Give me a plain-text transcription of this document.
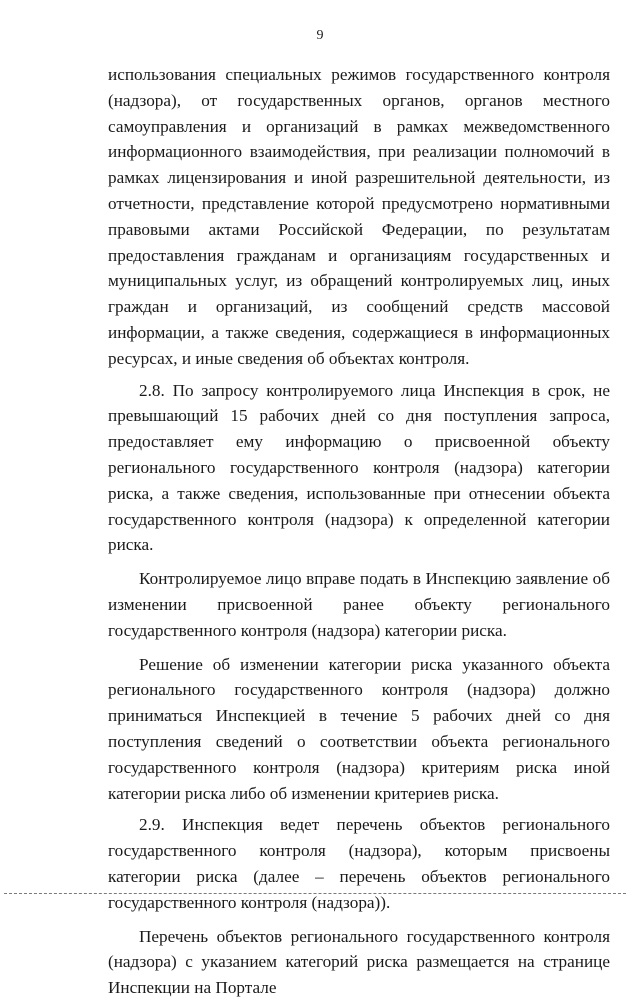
9

использования специальных режимов государственного контроля (надзора), от государственных органов, органов местного самоуправления и организаций в рамках межведомственного информационного взаимодействия, при реализации полномочий в рамках лицензирования и иной разрешительной деятельности, из отчетности, представление которой предусмотрено нормативными правовыми актами Российской Федерации, по результатам предоставления гражданам и организациям государственных и муниципальных услуг, из обращений контролируемых лиц, иных граждан и организаций, из сообщений средств массовой информации, а также сведения, содержащиеся в информационных ресурсах, и иные сведения об объектах контроля.

2.8. По запросу контролируемого лица Инспекция в срок, не превышающий 15 рабочих дней со дня поступления запроса, предоставляет ему информацию о присвоенной объекту регионального государственного контроля (надзора) категории риска, а также сведения, использованные при отнесении объекта государственного контроля (надзора) к определенной категории риска.

Контролируемое лицо вправе подать в Инспекцию заявление об изменении присвоенной ранее объекту регионального государственного контроля (надзора) категории риска.

Решение об изменении категории риска указанного объекта регионального государственного контроля (надзора) должно приниматься Инспекцией в течение 5 рабочих дней со дня поступления сведений о соответствии объекта регионального государственного контроля (надзора) критериям риска иной категории риска либо об изменении критериев риска.

2.9. Инспекция ведет перечень объектов регионального государственного контроля (надзора), которым присвоены категории риска (далее – перечень объектов регионального государственного контроля (надзора)).

Перечень объектов регионального государственного контроля (надзора) с указанием категорий риска размещается на странице Инспекции на Портале
